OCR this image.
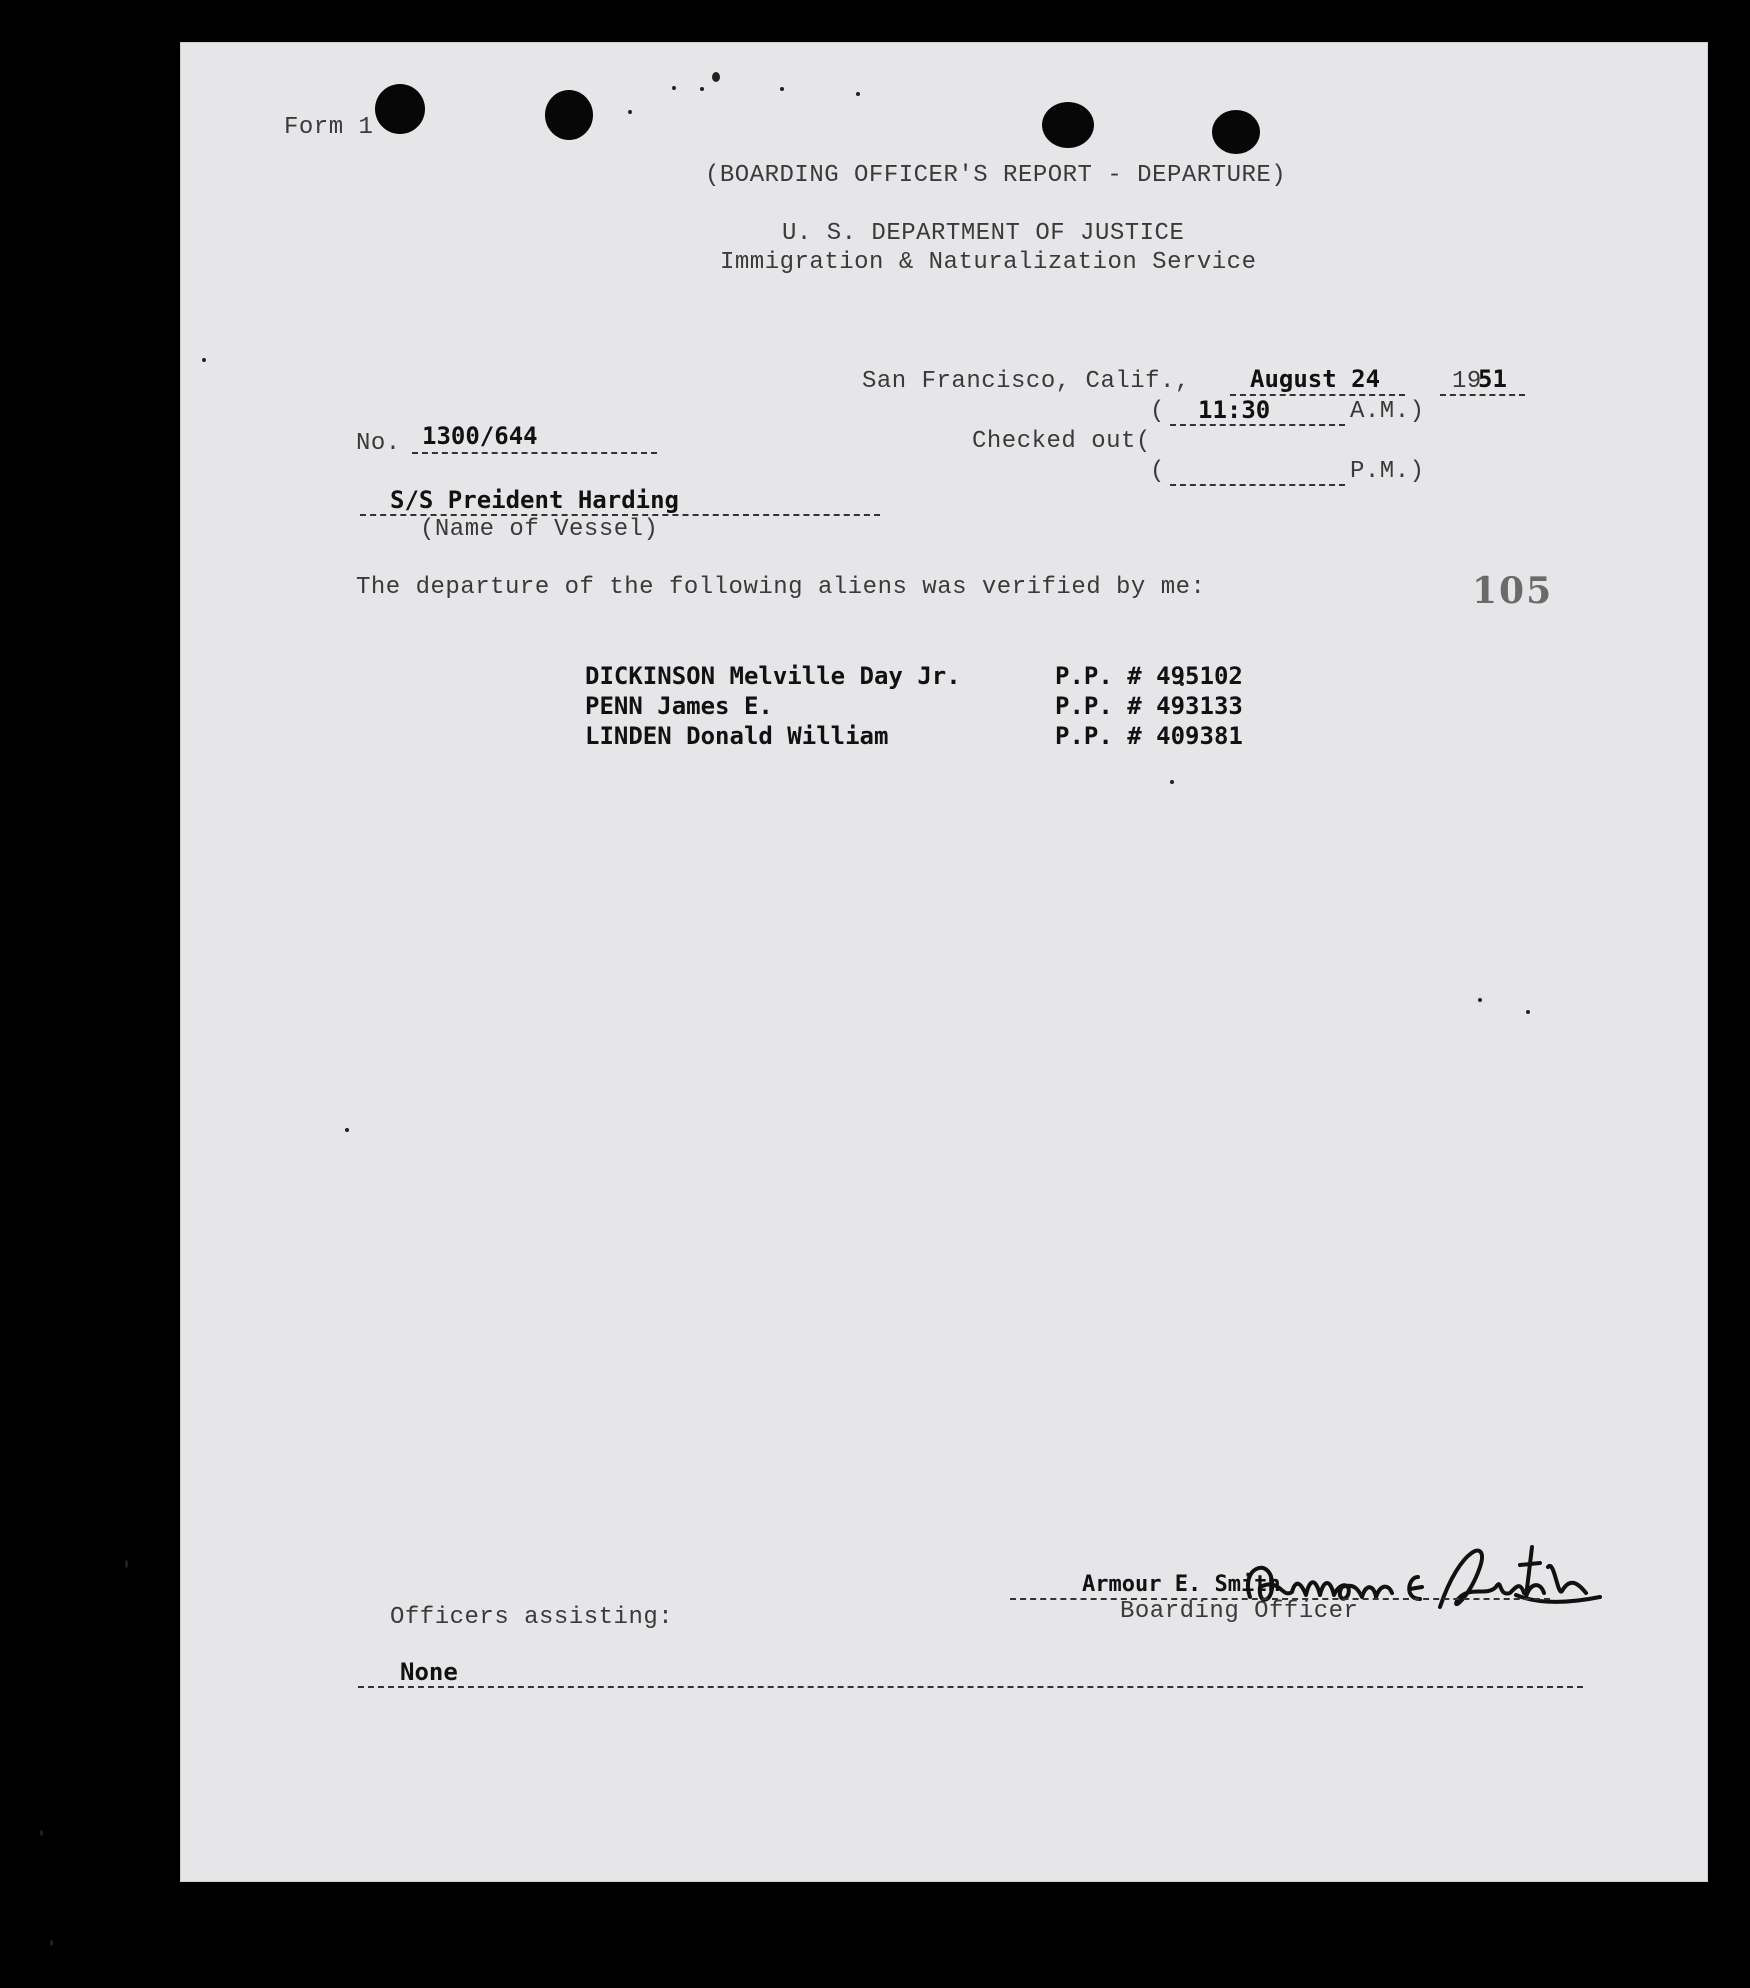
Form 1
(BOARDING OFFICER'S REPORT - DEPARTURE)
U. S. DEPARTMENT OF JUSTICE
Immigration & Naturalization Service
San Francisco, Calif.,	August 24	19
51
( 11:30	A.M.)
Checked out(
(	P.M.)
No. 1300/644
S/S Preident Harding
(Name of Vessel)
The departure of the following aliens was verified by me:	105
DICKINSON Melville Day Jr.	P.P. # 495102
PENN James E.	P.P. # 493133
LINDEN Donald William	P.P. # 409381
Armour E. Smith
Boarding Officer
Officers assisting:
None
